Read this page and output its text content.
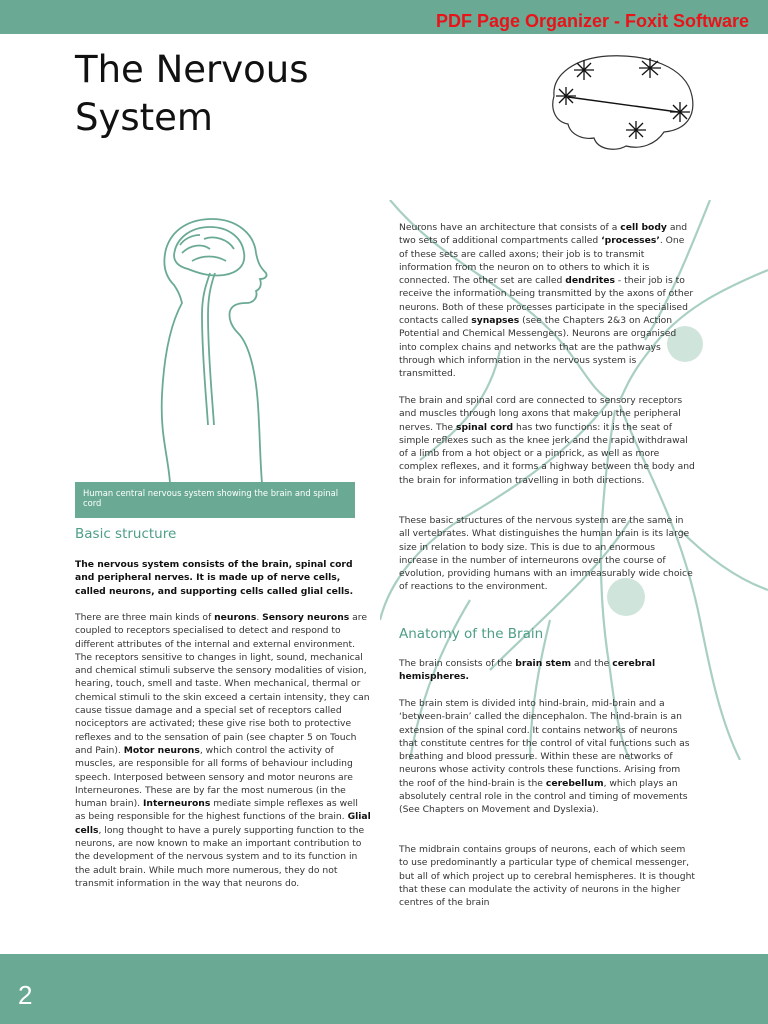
PDF Page Organizer - Foxit Software
The Nervous System
Human central nervous system showing the brain and spinal cord
Basic structure

The nervous system consists of the brain, spinal cord and peripheral nerves. It is made up of nerve cells, called neurons, and supporting cells called glial cells.

There are three main kinds of neurons. Sensory neurons are coupled to receptors specialised to detect and respond to different attributes of the internal and external environment. The receptors sensitive to changes in light, sound, mechanical and chemical stimuli subserve the sensory modalities of vision, hearing, touch, smell and taste. When mechanical, thermal or chemical stimuli to the skin exceed a certain intensity, they can cause tissue damage and a special set of receptors called nociceptors are activated; these give rise both to protective reflexes and to the sensation of pain (see chapter 5 on Touch and Pain). Motor neurons, which control the activity of muscles, are responsible for all forms of behaviour including speech. Interposed between sensory and motor neurons are Interneurones. These are by far the most numerous (in the human brain). Interneurons mediate simple reflexes as well as being responsible for the highest functions of the brain. Glial cells, long thought to have a purely supporting function to the neurons, are now known to make an important contribution to the development of the nervous system and to its function in the adult brain. While much more numerous, they do not transmit information in the way that neurons do.

Neurons have an architecture that consists of a cell body and two sets of additional compartments called ‘processes’. One of these sets are called axons; their job is to transmit information from the neuron on to others to which it is connected. The other set are called dendrites - their job is to receive the information being transmitted by the axons of other neurons. Both of these processes participate in the specialised contacts called synapses (see the Chapters 2&3 on Action Potential and Chemical Messengers). Neurons are organised into complex chains and networks that are the pathways through which information in the nervous system is transmitted.

The brain and spinal cord are connected to sensory receptors and muscles through long axons that make up the peripheral nerves. The spinal cord has two functions: it is the seat of simple reflexes such as the knee jerk and the rapid withdrawal of a limb from a hot object or a pinprick, as well as more complex reflexes, and it forms a highway between the body and the brain for information travelling in both directions.

These basic structures of the nervous system are the same in all vertebrates. What distinguishes the human brain is its large size in relation to body size. This is due to an enormous increase in the number of interneurons over the course of evolution, providing humans with an immeasurably wide choice of reactions to the environment.

Anatomy of the Brain

The brain consists of the brain stem and the cerebral hemispheres.

The brain stem is divided into hind-brain, mid-brain and a ‘between-brain’ called the diencephalon. The hind-brain is an extension of the spinal cord. It contains networks of neurons that constitute centres for the control of vital functions such as breathing and blood pressure. Within these are networks of neurons whose activity controls these functions. Arising from the roof of the hind-brain is the cerebellum, which plays an absolutely central role in the control and timing of movements (See Chapters on Movement and Dyslexia).

The midbrain contains groups of neurons, each of which seem to use predominantly a particular type of chemical messenger, but all of which project up to cerebral hemispheres. It is thought that these can modulate the activity of neurons in the higher centres of the brain

2
